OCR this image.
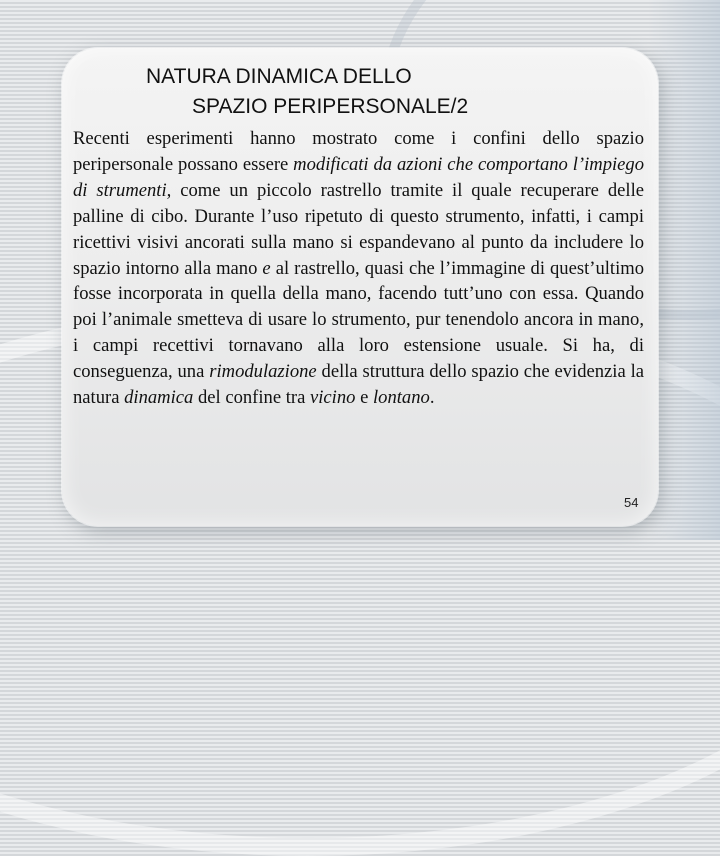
NATURA DINAMICA DELLO
SPAZIO PERIPERSONALE/2

Recenti esperimenti hanno mostrato come i confini dello spazio peripersonale possano essere modificati da azioni che comportano l’impiego di strumenti, come un piccolo rastrello tramite il quale recuperare delle palline di cibo. Durante l’uso ripetuto di questo strumento, infatti, i campi ricettivi visivi ancorati sulla mano si espandevano al punto da includere lo spazio intorno alla mano e al rastrello, quasi che l’immagine di quest’ultimo fosse incorporata in quella della mano, facendo tutt’uno con essa. Quando poi l’animale smetteva di usare lo strumento, pur tenendolo ancora in mano, i campi recettivi tornavano alla loro estensione usuale. Si ha, di conseguenza, una rimodulazione della struttura dello spazio che evidenzia la natura dinamica del confine tra vicino e lontano.

54
